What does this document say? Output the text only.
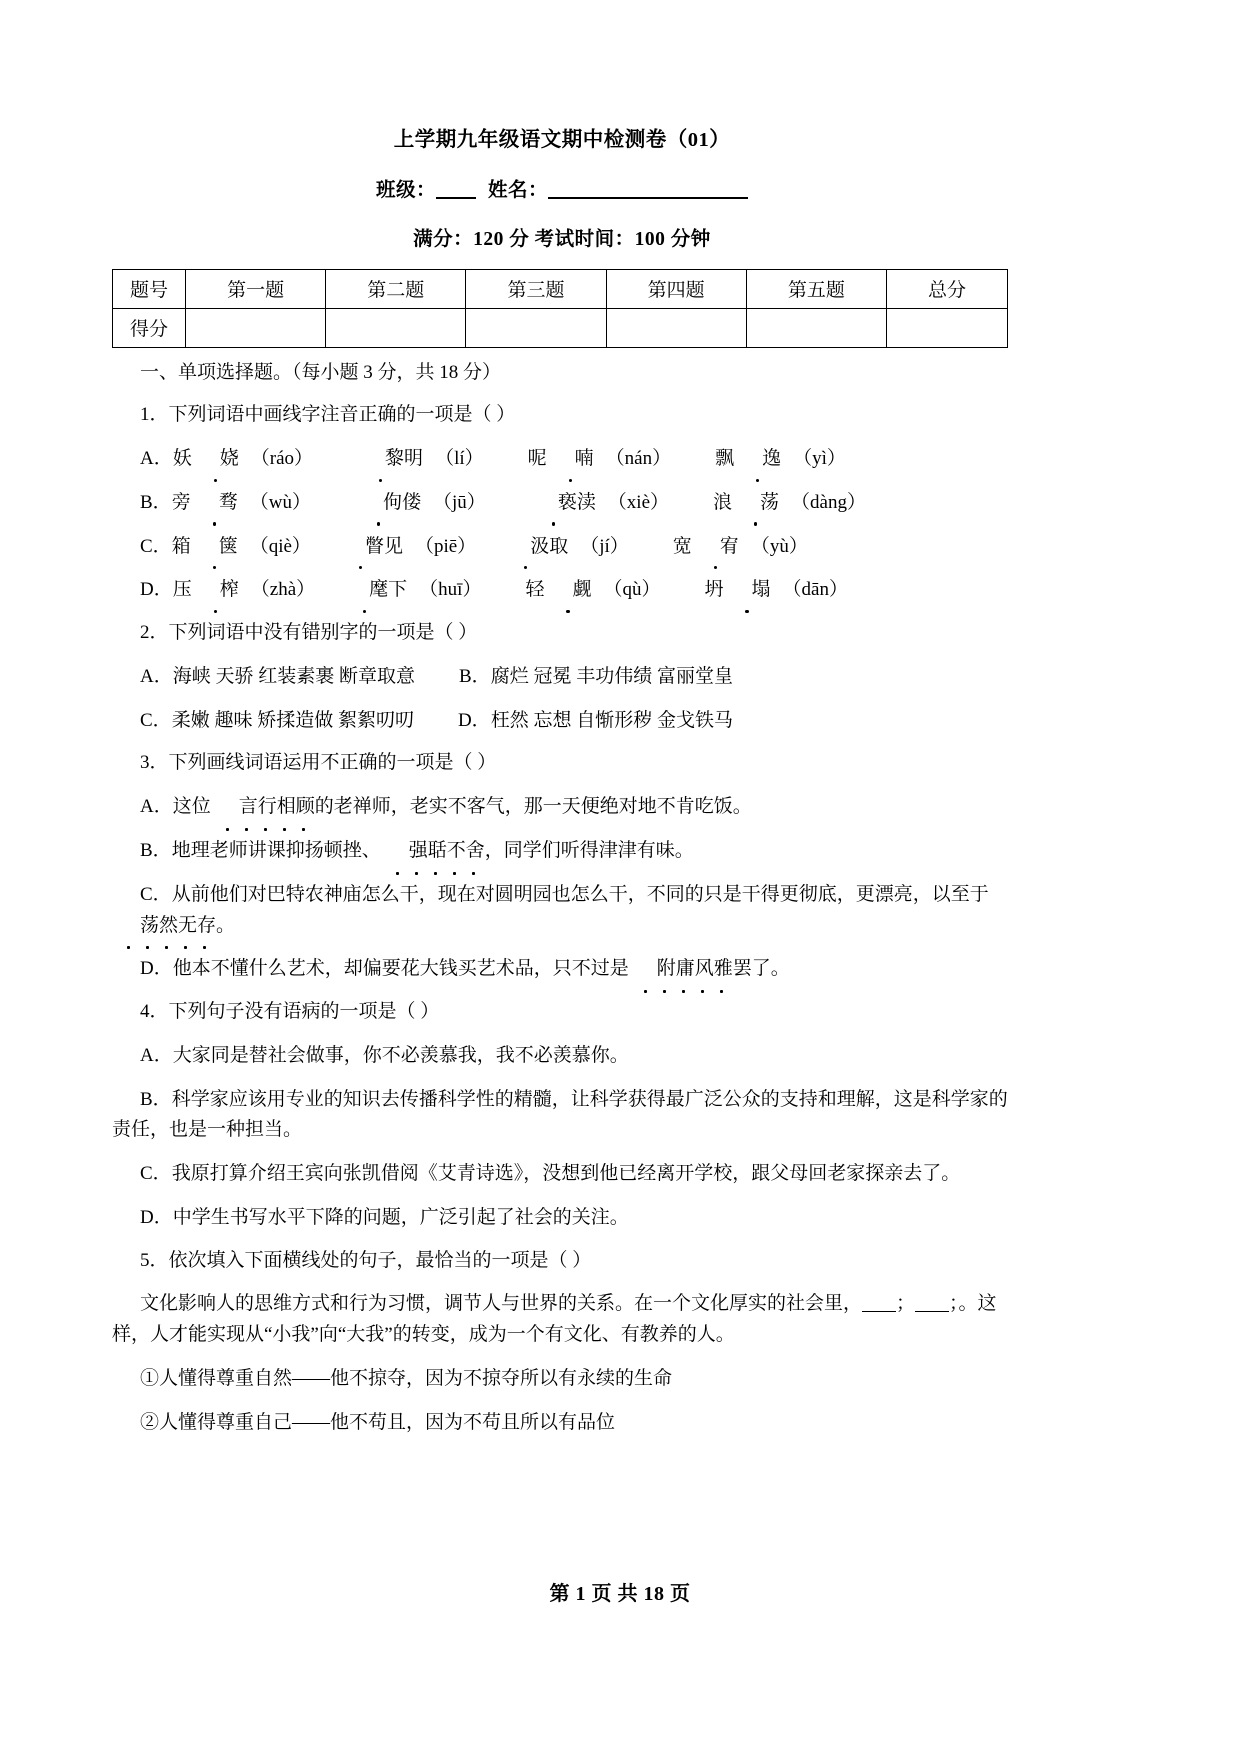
上学期九年级语文期中检测卷（01）
班级：	姓名：
满分：120 分 考试时间：100 分钟
题号	第一题	第二题	第三题	第四题	第五题	总分
得分						
一、单项选择题。（每小题 3 分，共 18 分）

1．下列词语中画线字注音正确的一项是（ ）

A．妖 娆 （ráo）	黎明 （lí） 呢 喃 （nán） 飘 逸 （yì）

B．旁 骛 （wù）	佝偻 （jū）	亵渎 （xiè） 浪 荡 （dàng）

C．箱 箧 （qiè）	瞥见 （piē）	汲取 （jí） 宽 宥 （yù）

D．压 榨 （zhà）	麾下 （huī） 轻 觑 （qù） 坍 塌 （dān）

2．下列词语中没有错别字的一项是（ ）

A．海峡 天骄 红装素裹 断章取意 B．腐烂 冠冕 丰功伟绩 富丽堂皇

C．柔嫩 趣味 矫揉造做 絮絮叨叨 D．枉然 忘想 自惭形秽 金戈铁马

3．下列画线词语运用不正确的一项是（ ）

A．这位 言行相顾的老禅师，老实不客气，那一天便绝对地不肯吃饭。

B．地理老师讲课抑扬顿挫、 强聒不舍，同学们听得津津有味。

C．从前他们对巴特农神庙怎么干，现在对圆明园也怎么干，不同的只是干得更彻底，更漂亮，以至于荡然无存。

D．他本不懂什么艺术，却偏要花大钱买艺术品，只不过是 附庸风雅罢了。

4．下列句子没有语病的一项是（ ）

A．大家同是替社会做事，你不必羡慕我，我不必羡慕你。

B．科学家应该用专业的知识去传播科学性的精髓，让科学获得最广泛公众的支持和理解，这是科学家的责任，也是一种担当。

C．我原打算介绍王宾向张凯借阅《艾青诗选》，没想到他已经离开学校，跟父母回老家探亲去了。

D．中学生书写水平下降的问题，广泛引起了社会的关注。

5．依次填入下面横线处的句子，最恰当的一项是（ ）

文化影响人的思维方式和行为习惯，调节人与世界的关系。在一个文化厚实的社会里， ； ；。这样，人才能实现从“小我”向“大我”的转变，成为一个有文化、有教养的人。

①人懂得尊重自然——他不掠夺，因为不掠夺所以有永续的生命

②人懂得尊重自己——他不苟且，因为不苟且所以有品位

第 1 页 共 18 页
